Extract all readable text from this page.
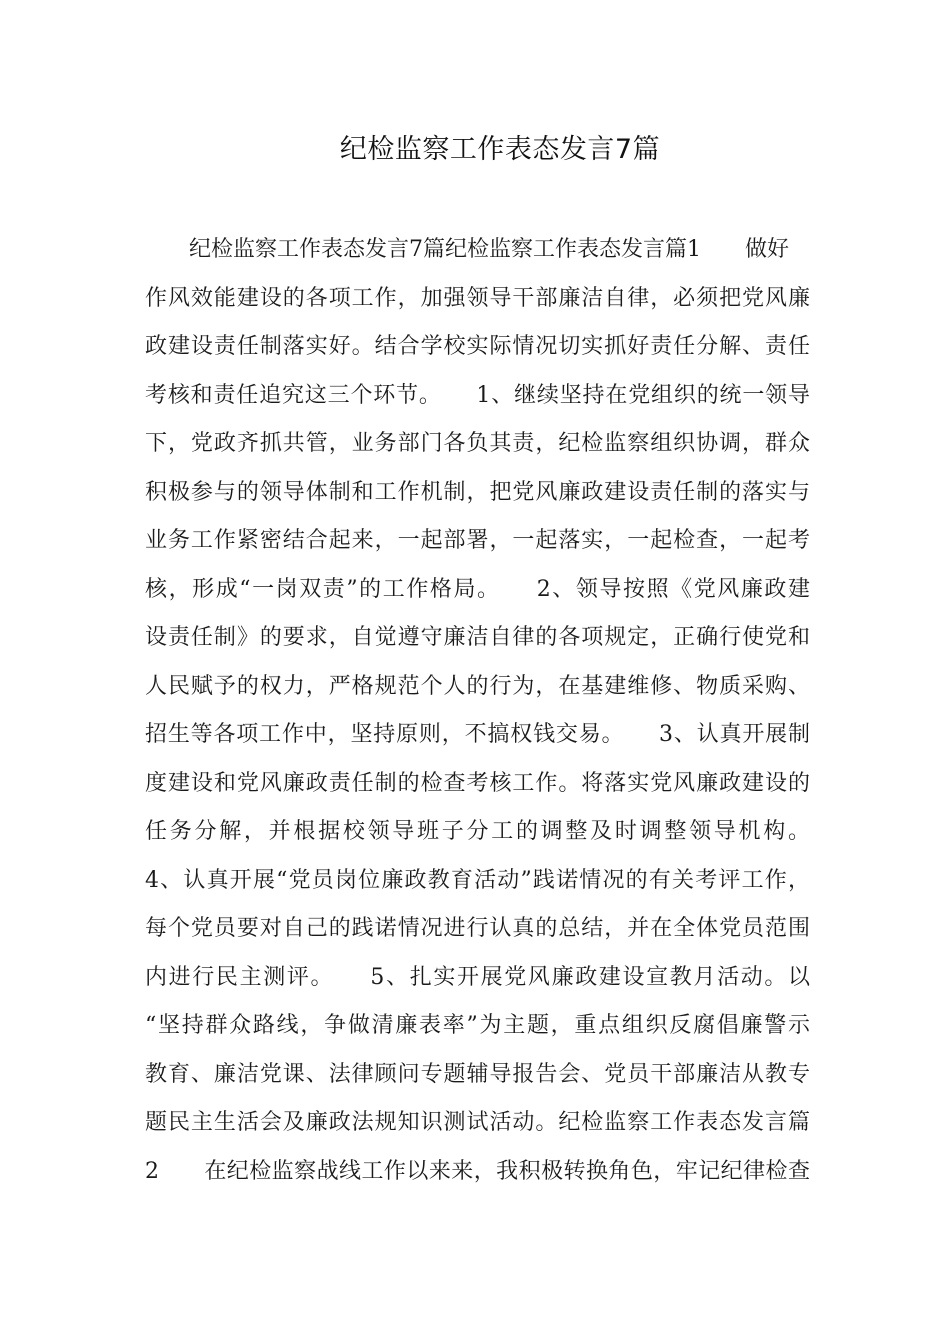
纪检监察工作表态发言7篇
　　纪检监察工作表态发言7篇纪检监察工作表态发言篇1　　做好
作风效能建设的各项工作，加强领导干部廉洁自律，必须把党风廉
政建设责任制落实好。结合学校实际情况切实抓好责任分解、责任
考核和责任追究这三个环节。　　1、继续坚持在党组织的统一领导
下，党政齐抓共管，业务部门各负其责，纪检监察组织协调，群众
积极参与的领导体制和工作机制，把党风廉政建设责任制的落实与
业务工作紧密结合起来，一起部署，一起落实，一起检查，一起考
核，形成“一岗双责”的工作格局。　　2、领导按照《党风廉政建
设责任制》的要求，自觉遵守廉洁自律的各项规定，正确行使党和
人民赋予的权力，严格规范个人的行为，在基建维修、物质采购、
招生等各项工作中，坚持原则，不搞权钱交易。　　3、认真开展制
度建设和党风廉政责任制的检查考核工作。将落实党风廉政建设的
任务分解，并根据校领导班子分工的调整及时调整领导机构。
4、认真开展“党员岗位廉政教育活动”践诺情况的有关考评工作，
每个党员要对自己的践诺情况进行认真的总结，并在全体党员范围
内进行民主测评。　　5、扎实开展党风廉政建设宣教月活动。以
“坚持群众路线，争做清廉表率”为主题，重点组织反腐倡廉警示
教育、廉洁党课、法律顾问专题辅导报告会、党员干部廉洁从教专
题民主生活会及廉政法规知识测试活动。纪检监察工作表态发言篇
2　　在纪检监察战线工作以来来，我积极转换角色，牢记纪律检查
